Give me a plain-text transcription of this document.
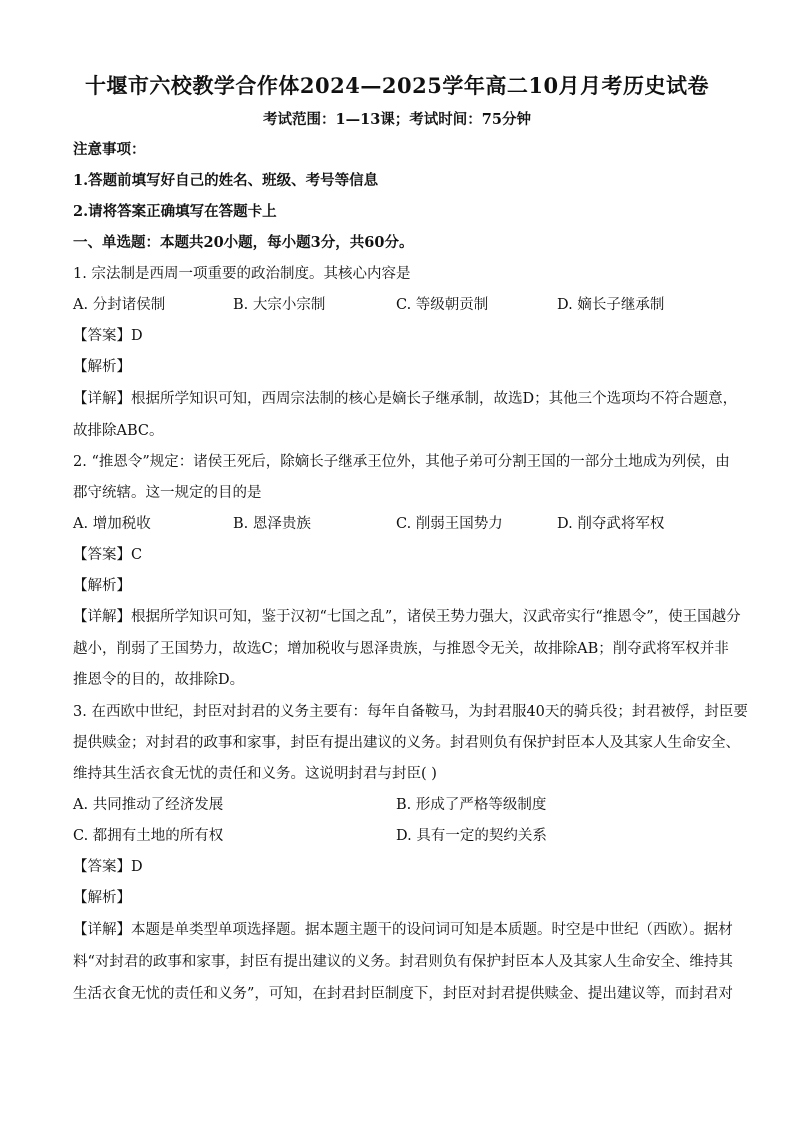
十堰市六校教学合作体2024—2025学年高二10月月考历史试卷
考试范围：1—13课；考试时间：75分钟
注意事项：
1.答题前填写好自己的姓名、班级、考号等信息
2.请将答案正确填写在答题卡上
一、单选题：本题共20小题，每小题3分，共60分。
1. 宗法制是西周一项重要的政治制度。其核心内容是
A. 分封诸侯制	B. 大宗小宗制	C. 等级朝贡制	D. 嫡长子继承制
【答案】D
【解析】
【详解】根据所学知识可知，西周宗法制的核心是嫡长子继承制，故选D；其他三个选项均不符合题意，
故排除ABC。
2. “推恩令”规定：诸侯王死后，除嫡长子继承王位外，其他子弟可分割王国的一部分土地成为列侯，由
郡守统辖。这一规定的目的是
A. 增加税收	B. 恩泽贵族	C. 削弱王国势力	D. 削夺武将军权
【答案】C
【解析】
【详解】根据所学知识可知，鉴于汉初“七国之乱”，诸侯王势力强大，汉武帝实行“推恩令”，使王国越分
越小，削弱了王国势力，故选C；增加税收与恩泽贵族，与推恩令无关，故排除AB；削夺武将军权并非
推恩令的目的，故排除D。
3. 在西欧中世纪，封臣对封君的义务主要有：每年自备鞍马，为封君服40天的骑兵役；封君被俘，封臣要
提供赎金；对封君的政事和家事，封臣有提出建议的义务。封君则负有保护封臣本人及其家人生命安全、
维持其生活衣食无忧的责任和义务。这说明封君与封臣( )
A. 共同推动了经济发展	B. 形成了严格等级制度
C. 都拥有土地的所有权	D. 具有一定的契约关系
【答案】D
【解析】
【详解】本题是单类型单项选择题。据本题主题干的设问词可知是本质题。时空是中世纪（西欧）。据材
料“对封君的政事和家事，封臣有提出建议的义务。封君则负有保护封臣本人及其家人生命安全、维持其
生活衣食无忧的责任和义务”，可知，在封君封臣制度下，封臣对封君提供赎金、提出建议等，而封君对
